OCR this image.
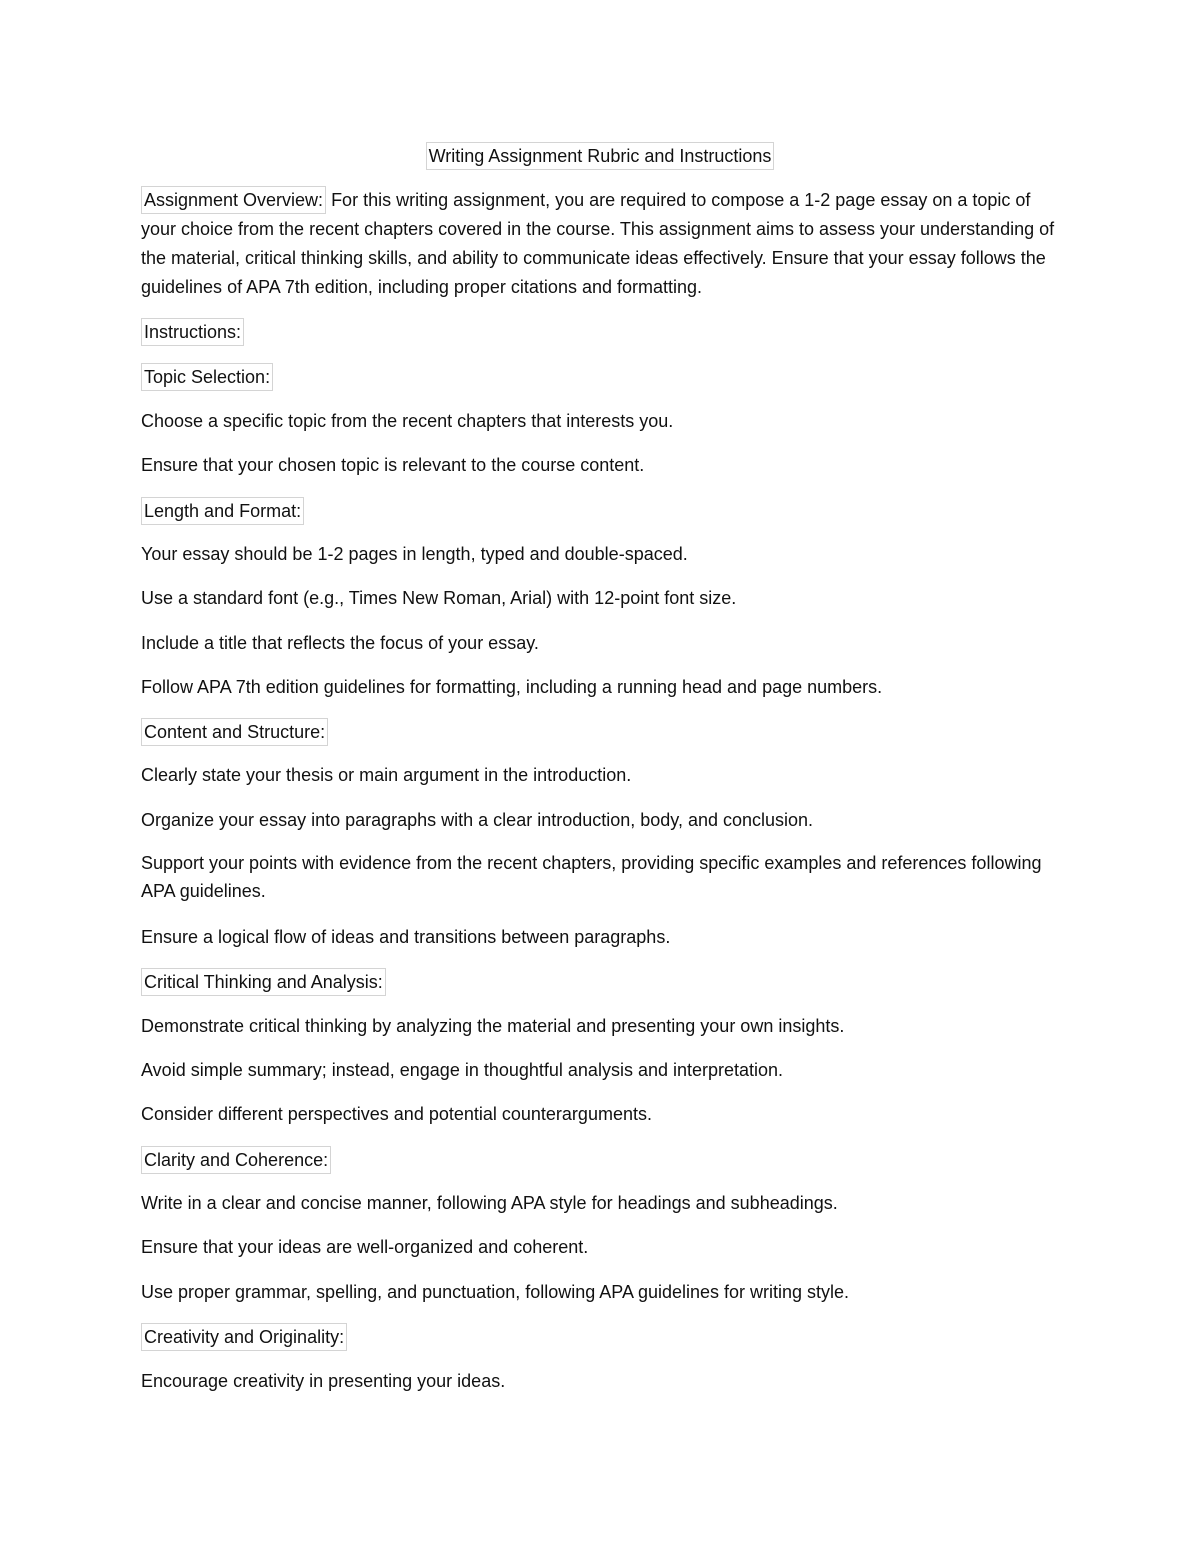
Writing Assignment Rubric and Instructions

Assignment Overview: For this writing assignment, you are required to compose a 1-2 page essay on a topic of your choice from the recent chapters covered in the course. This assignment aims to assess your understanding of the material, critical thinking skills, and ability to communicate ideas effectively. Ensure that your essay follows the guidelines of APA 7th edition, including proper citations and formatting.

Instructions:
Topic Selection:
Choose a specific topic from the recent chapters that interests you.
Ensure that your chosen topic is relevant to the course content.
Length and Format:
Your essay should be 1-2 pages in length, typed and double-spaced.
Use a standard font (e.g., Times New Roman, Arial) with 12-point font size.
Include a title that reflects the focus of your essay.
Follow APA 7th edition guidelines for formatting, including a running head and page numbers.
Content and Structure:
Clearly state your thesis or main argument in the introduction.
Organize your essay into paragraphs with a clear introduction, body, and conclusion.

Support your points with evidence from the recent chapters, providing specific examples and references following APA guidelines.

Ensure a logical flow of ideas and transitions between paragraphs.
Critical Thinking and Analysis:
Demonstrate critical thinking by analyzing the material and presenting your own insights.
Avoid simple summary; instead, engage in thoughtful analysis and interpretation.
Consider different perspectives and potential counterarguments.
Clarity and Coherence:
Write in a clear and concise manner, following APA style for headings and subheadings.
Ensure that your ideas are well-organized and coherent.
Use proper grammar, spelling, and punctuation, following APA guidelines for writing style.
Creativity and Originality:
Encourage creativity in presenting your ideas.
